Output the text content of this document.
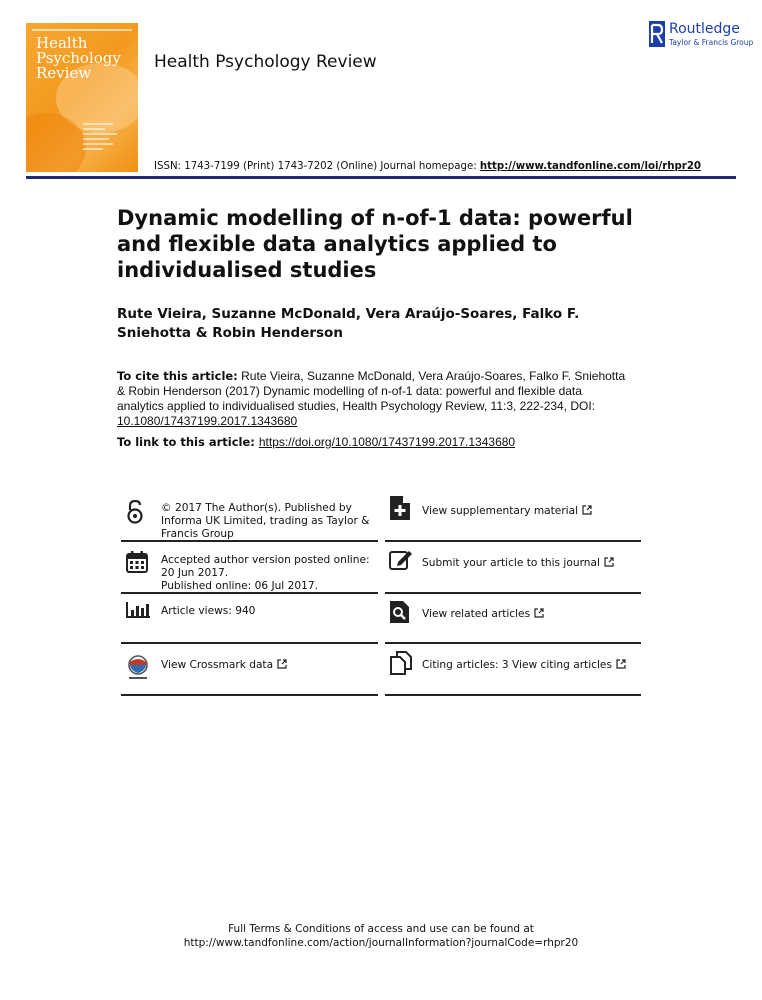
Health
Psychology
Review
Health Psychology Review
ISSN: 1743-7199 (Print) 1743-7202 (Online) Journal homepage: http://www.tandfonline.com/loi/rhpr20
Routledge
Taylor & Francis Group
Dynamic modelling of n-of-1 data: powerful and flexible data analytics applied to individualised studies
Rute Vieira, Suzanne McDonald, Vera Araújo-Soares, Falko F. Sniehotta & Robin Henderson
To cite this article: Rute Vieira, Suzanne McDonald, Vera Araújo-Soares, Falko F. Sniehotta & Robin Henderson (2017) Dynamic modelling of n-of-1 data: powerful and flexible data analytics applied to individualised studies, Health Psychology Review, 11:3, 222-234, DOI: 10.1080/17437199.2017.1343680
To link to this article: https://doi.org/10.1080/17437199.2017.1343680
© 2017 The Author(s). Published by Informa UK Limited, trading as Taylor & Francis Group
Accepted author version posted online: 20 Jun 2017.
Published online: 06 Jul 2017.
Article views: 940
View Crossmark data
View supplementary material
Submit your article to this journal
View related articles
Citing articles: 3 View citing articles
Full Terms & Conditions of access and use can be found at
http://www.tandfonline.com/action/journalInformation?journalCode=rhpr20
